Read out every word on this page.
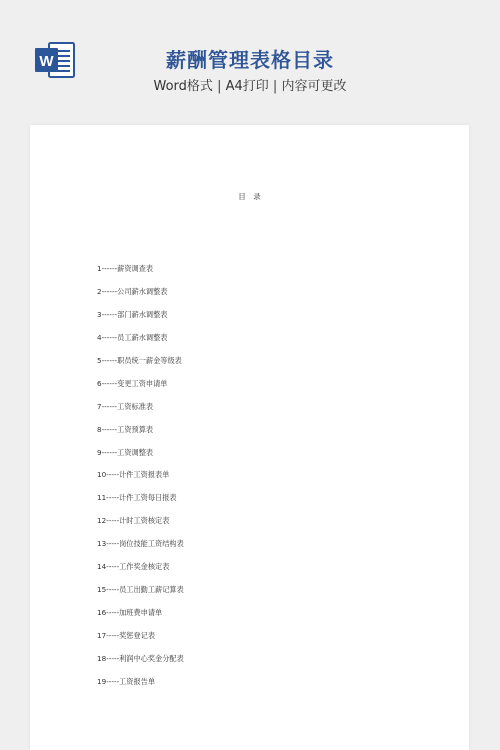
W	薪酬管理表格目录
Word格式 | A4打印 | 内容可更改
目　录
1------薪资调查表
2------公司薪水调整表
3------部门薪水调整表
4------员工薪水调整表
5------职员统一薪金等级表
6------变更工资申请单
7------工资标准表
8------工资预算表
9------工资调整表
10-----计件工资报表单
11-----计件工资每日报表
12-----计时工资核定表
13-----岗位技能工资结构表
14-----工作奖金核定表
15-----员工出勤工薪记算表
16-----加班费申请单
17-----奖惩登记表
18-----利润中心奖金分配表
19-----工资报告单
